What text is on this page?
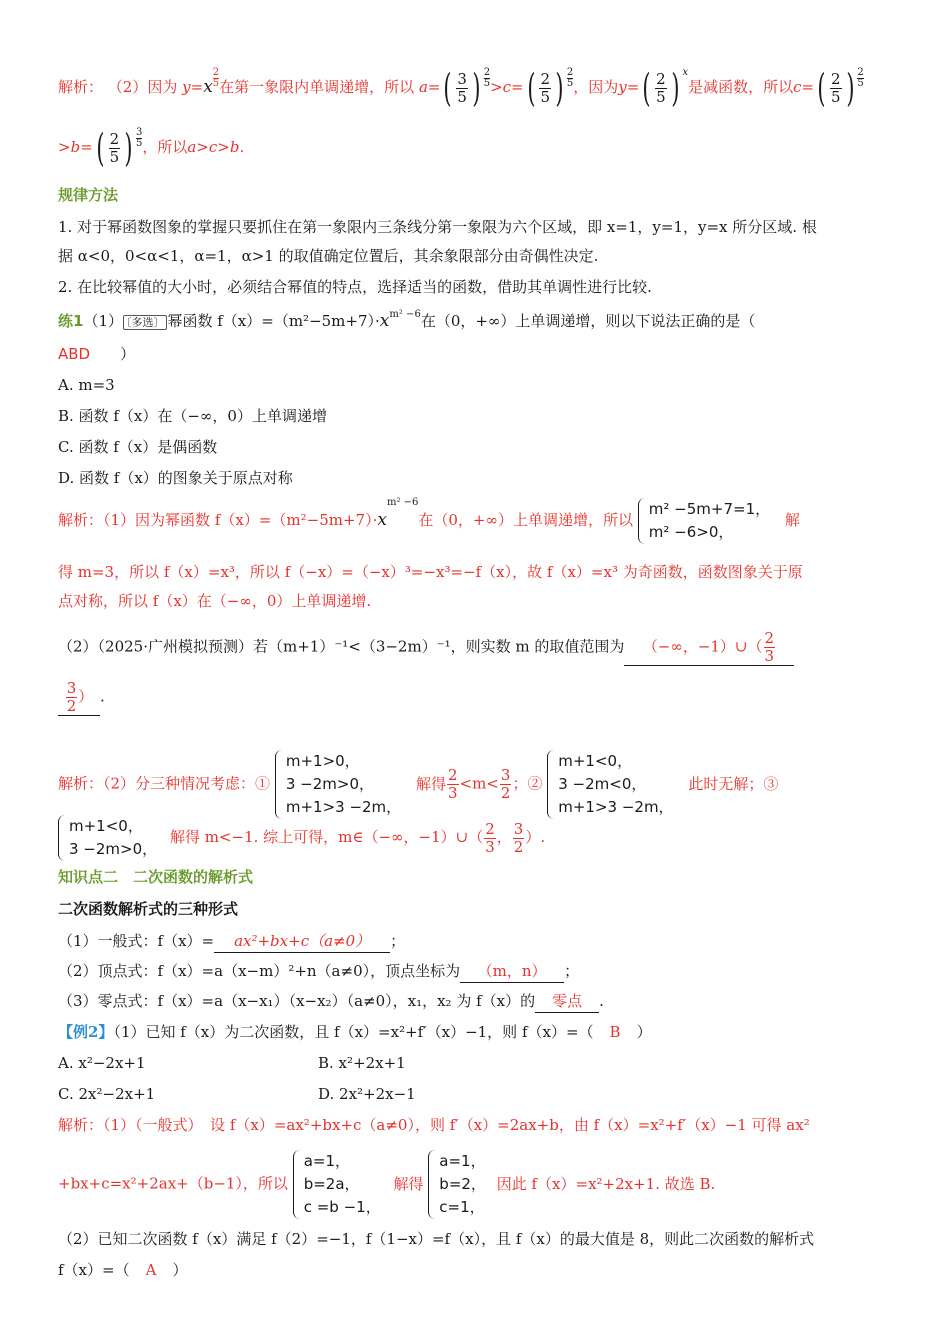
解析： （2）因为 $y=x \frac{2}{5}$ 在第一象限内单调递增，所以 a= ( $\frac{3}{5}$ ) $\frac{2}{5} >c=$ ( $\frac{2}{5}$ ) $\frac{2}{5}$ ，因为y= ( $\frac{2}{5}$ ) $^x$是减函数，所以c= ( $\frac{2}{5}$ ) $\frac{2}{5}$
>b= ( $\frac{2}{5}$ ) $\frac{3}{5}$ ，所以a>c>b.
规律方法
1. 对于幂函数图象的掌握只要抓住在第一象限内三条线分第一象限为六个区域，即 x=1，y=1，y=x 所分区域. 根
据 α<0，0<α<1，α=1，α>1 的取值确定位置后，其余象限部分由奇偶性决定.
2. 在比较幂值的大小时，必须结合幂值的特点，选择适当的函数，借助其单调性进行比较.
练1（1） 〔多选〕 幂函数 $f(x)=(m^2-5m+7)\cdot x^{m^2 -6}$在（0，+∞）上单调递增，则以下说法正确的是（
ABD　　 ）
A. m=3
B. 函数 f（x）在（−∞，0）上单调递增
C. 函数 f（x）是偶函数
D. 函数 f（x）的图象关于原点对称
解析：（1）因为幂函数 $f(x)=(m^2-5m+7)\cdot x^{m^2 -6}$在（0，+∞）上单调递增，所以
m² −5m+7=1，
m² −6>0，
解
得 m=3，所以 f（x）=x³，所以 f（−x）=（−x）³=−x³=−f（x），故 f（x）=x³ 为奇函数，函数图象关于原
点对称，所以 f（x）在（−∞，0）上单调递增.
（2）（2025·广州模拟预测）若（m+1）⁻¹<（3−2m）⁻¹，则实数 m 的取值范围为 （−∞，−1）∪（ $\frac{2}{3}$
$\frac{3}{2}$ ） .
解析：（2）分三种情况考虑：①
m+1>0，
3 −2m>0，
m+1>3 −2m，
解得 $\frac{2}{3} <m< \frac{3}{2}$ ；②
m+1<0，
3 −2m<0，
m+1>3 −2m，
此时无解；③
m+1<0，
3 −2m>0，
解得 m<−1. 综上可得，m∈（−∞，−1）∪（ $\frac{2}{3}$ ， $\frac{3}{2}$ ）.
知识点二　二次函数的解析式
二次函数解析式的三种形式
（1）一般式：f（x）= ax²+bx+c（a≠0） ；
（2）顶点式：f（x）=a（x−m）²+n（a≠0），顶点坐标为 （m，n） ；
（3）零点式：f（x）=a（x−x₁）（x−x₂）（a≠0），x₁，x₂ 为 f（x）的 零点 .
【例2】（1）已知 f（x）为二次函数，且 f（x）=x²+f′（x）−1，则 f（x）=（ B ）
A. x²−2x+1	B. x²+2x+1
C. 2x²−2x+1	D. 2x²+2x−1
解析：（1）（一般式）　设 f（x）=ax²+bx+c（a≠0），则 f′（x）=2ax+b，由 f（x）=x²+f′（x）−1 可得 ax²
+bx+c=x²+2ax+（b−1），所以
a=1，
b=2a，
c =b −1，
解得
a=1，
b=2，
c=1，
因此 f（x）=x²+2x+1. 故选 B.
（2）已知二次函数 f（x）满足 f（2）=−1，f（1−x）=f（x），且 f（x）的最大值是 8，则此二次函数的解析式
f（x）=（ A ）
